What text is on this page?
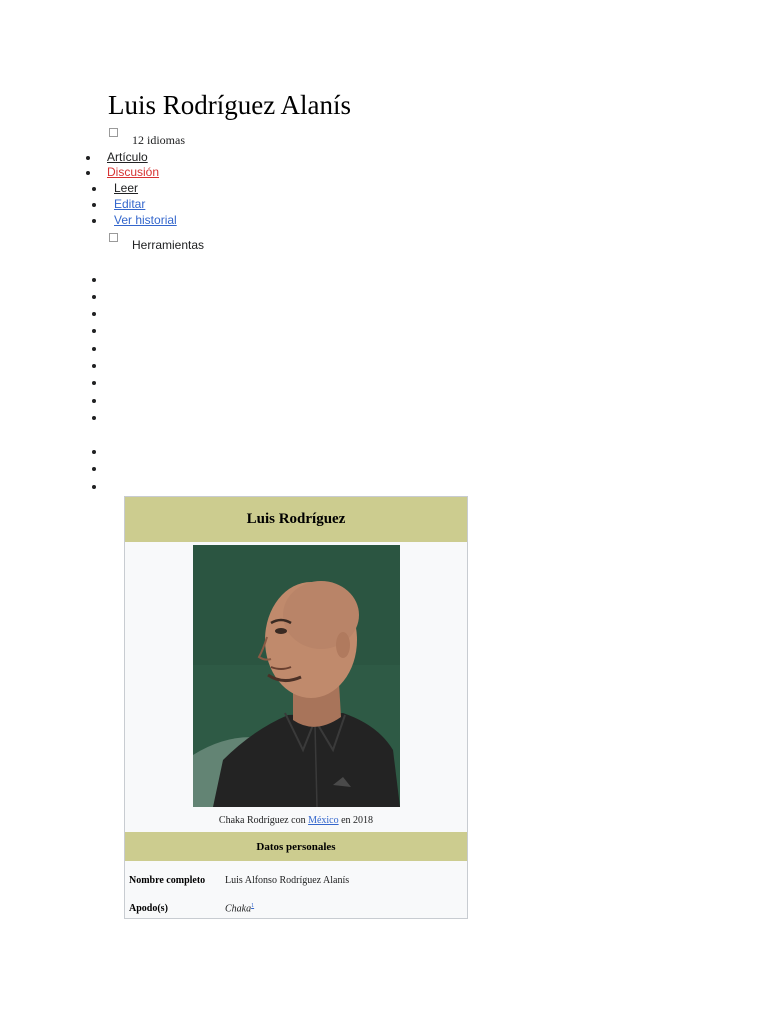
Luis Rodríguez Alanís
12 idiomas
Artículo
Discusión
Leer
Editar
Ver historial
Herramientas
Luis Rodríguez
Chaka Rodríguez con México en 2018
Datos personales
Nombre completo Luis Alfonso Rodríguez Alanís
Apodo(s)	Chaka$^1$
